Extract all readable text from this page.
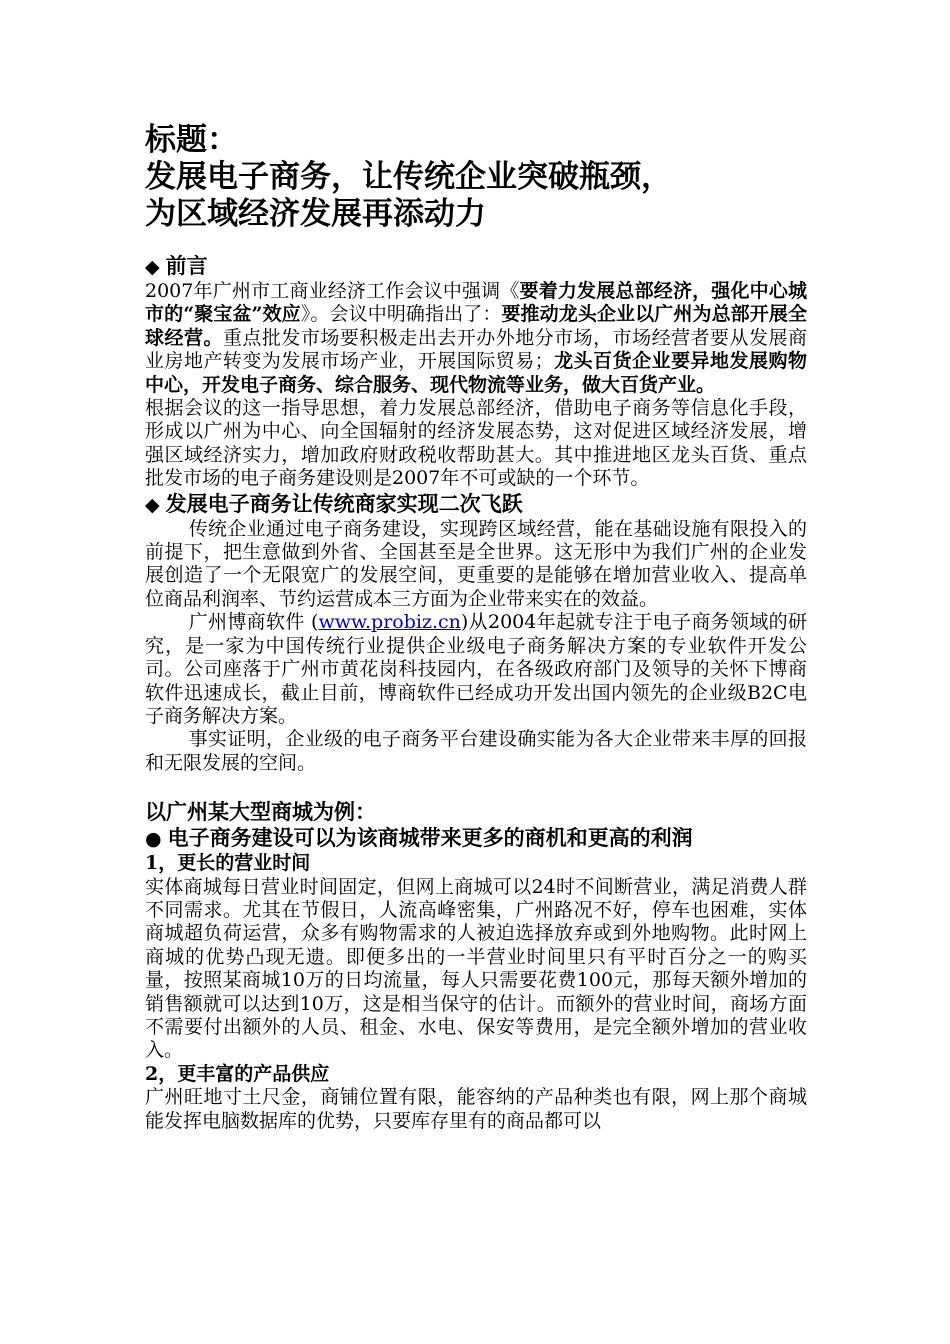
标题：
发展电子商务，让传统企业突破瓶颈，
为区域经济发展再添动力
◆ 前言

2007年广州市工商业经济工作会议中强调《要着力发展总部经济，强化中心城市的“聚宝盆”效应》。会议中明确指出了：要推动龙头企业以广州为总部开展全球经营。重点批发市场要积极走出去开办外地分市场，市场经营者要从发展商业房地产转变为发展市场产业，开展国际贸易；龙头百货企业要异地发展购物中心，开发电子商务、综合服务、现代物流等业务，做大百货产业。

根据会议的这一指导思想，着力发展总部经济，借助电子商务等信息化手段，形成以广州为中心、向全国辐射的经济发展态势，这对促进区域经济发展，增强区域经济实力，增加政府财政税收帮助甚大。其中推进地区龙头百货、重点批发市场的电子商务建设则是2007年不可或缺的一个环节。

◆ 发展电子商务让传统商家实现二次飞跃

传统企业通过电子商务建设，实现跨区域经营，能在基础设施有限投入的前提下，把生意做到外省、全国甚至是全世界。这无形中为我们广州的企业发展创造了一个无限宽广的发展空间，更重要的是能够在增加营业收入、提高单位商品利润率、节约运营成本三方面为企业带来实在的效益。

广州博商软件 (www.probiz.cn)从2004年起就专注于电子商务领域的研究，是一家为中国传统行业提供企业级电子商务解决方案的专业软件开发公司。公司座落于广州市黄花岗科技园内，在各级政府部门及领导的关怀下博商软件迅速成长，截止目前，博商软件已经成功开发出国内领先的企业级B2C电子商务解决方案。

事实证明，企业级的电子商务平台建设确实能为各大企业带来丰厚的回报和无限发展的空间。

以广州某大型商城为例：
● 电子商务建设可以为该商城带来更多的商机和更高的利润

1，更长的营业时间

实体商城每日营业时间固定，但网上商城可以24时不间断营业，满足消费人群不同需求。尤其在节假日，人流高峰密集，广州路况不好，停车也困难，实体商城超负荷运营，众多有购物需求的人被迫选择放弃或到外地购物。此时网上商城的优势凸现无遗。即便多出的一半营业时间里只有平时百分之一的购买量，按照某商城10万的日均流量，每人只需要花费100元，那每天额外增加的销售额就可以达到10万，这是相当保守的估计。而额外的营业时间，商场方面不需要付出额外的人员、租金、水电、保安等费用，是完全额外增加的营业收入。

2，更丰富的产品供应

广州旺地寸土尺金，商铺位置有限，能容纳的产品种类也有限，网上那个商城能发挥电脑数据库的优势，只要库存里有的商品都可以
